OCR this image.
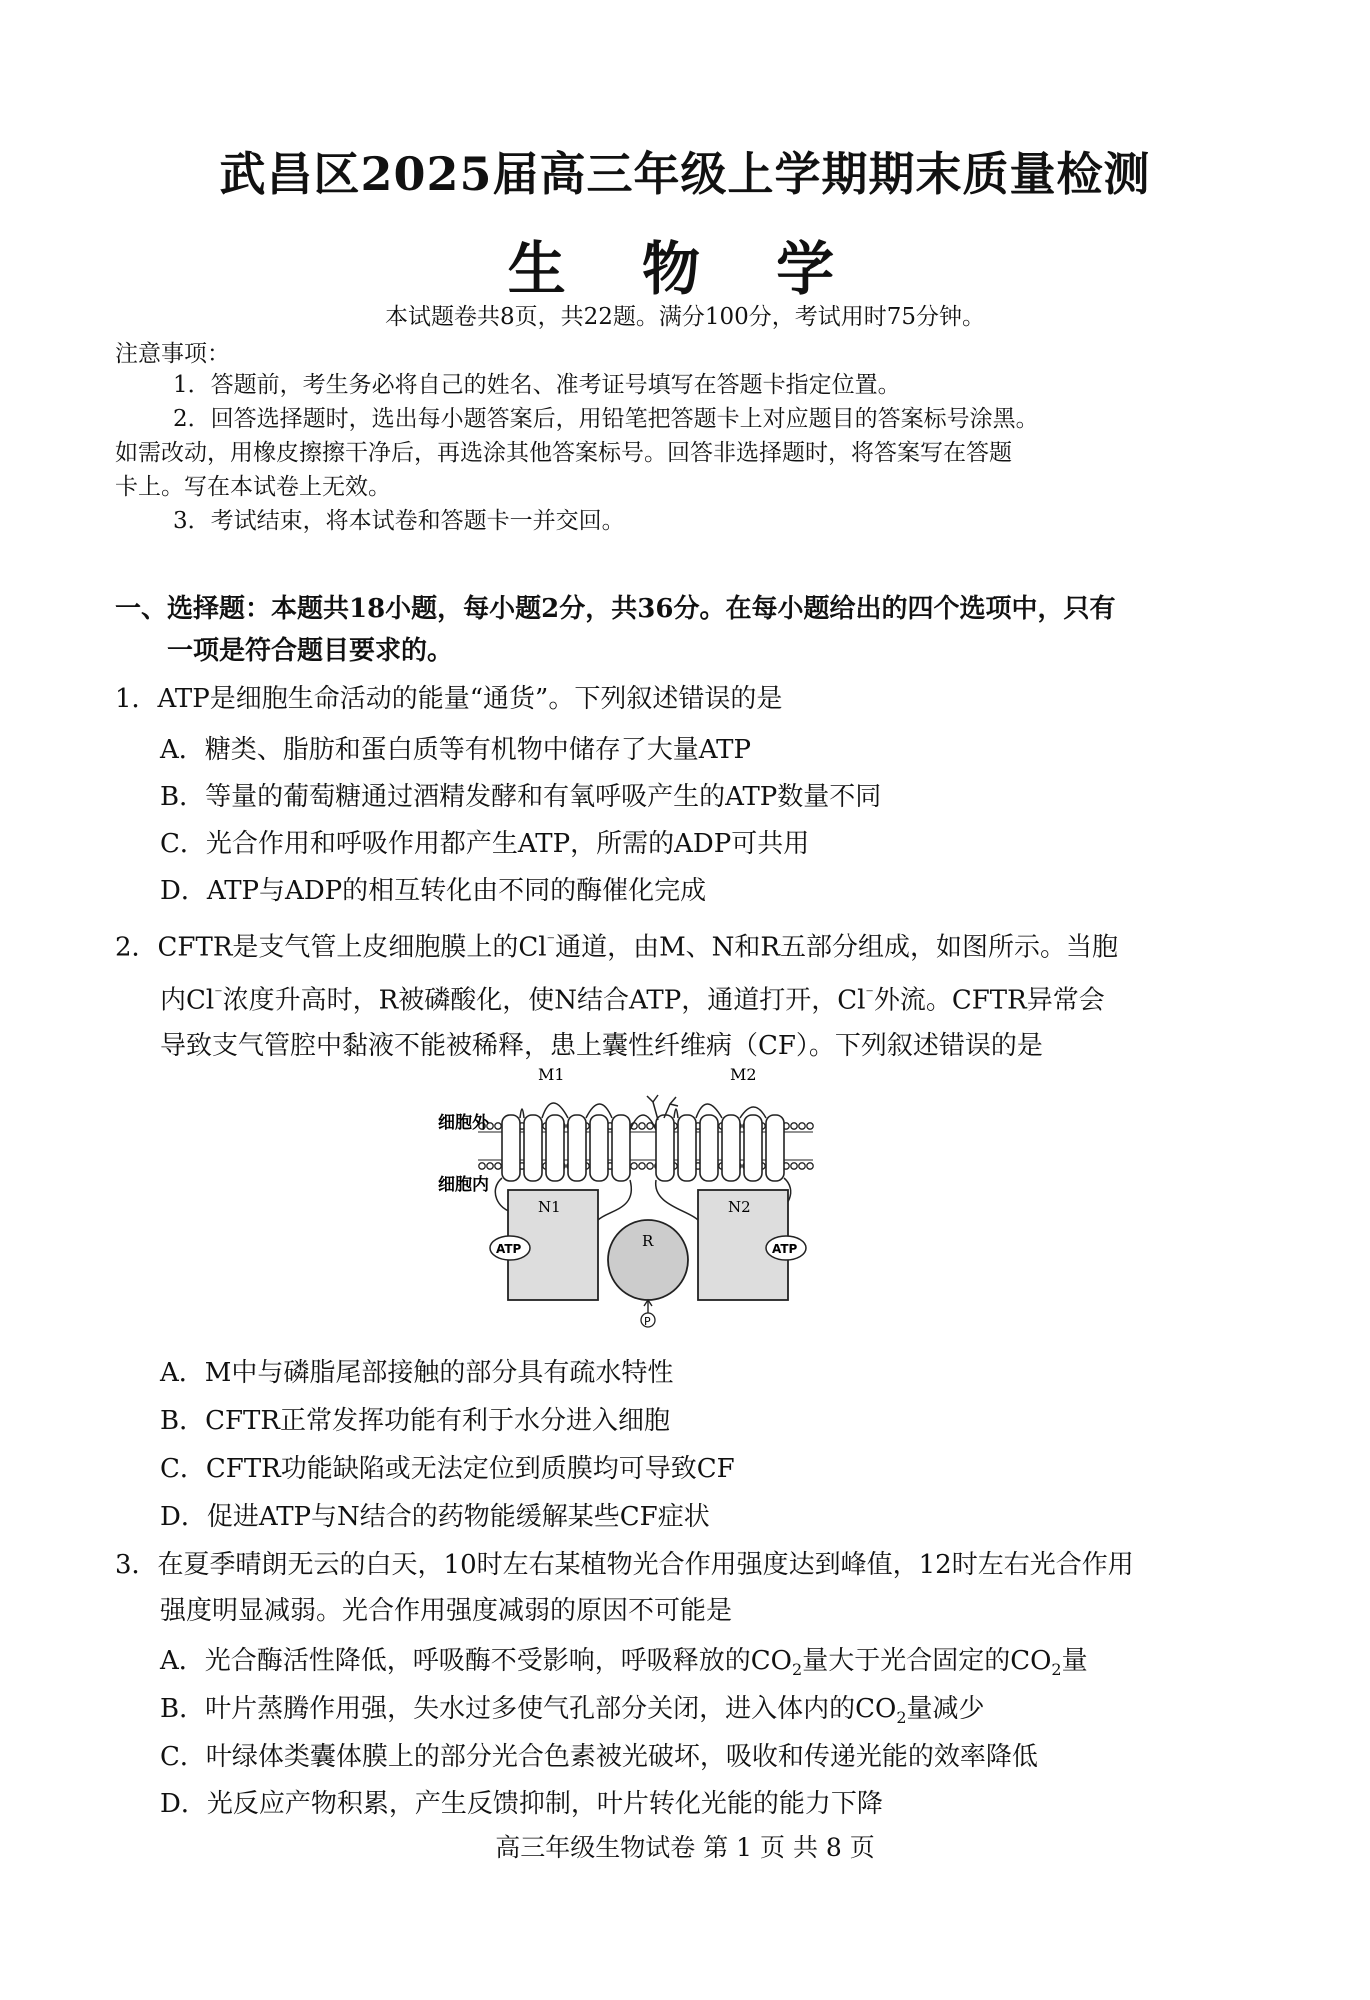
武昌区2025届高三年级上学期期末质量检测
生 物 学
本试题卷共8页，共22题。满分100分，考试用时75分钟。
注意事项：
1．答题前，考生务必将自己的姓名、准考证号填写在答题卡指定位置。
2．回答选择题时，选出每小题答案后，用铅笔把答题卡上对应题目的答案标号涂黑。
如需改动，用橡皮擦擦干净后，再选涂其他答案标号。回答非选择题时，将答案写在答题
卡上。写在本试卷上无效。
3．考试结束，将本试卷和答题卡一并交回。
一、选择题：本题共18小题，每小题2分，共36分。在每小题给出的四个选项中，只有
一项是符合题目要求的。
1．ATP是细胞生命活动的能量“通货”。下列叙述错误的是
A．糖类、脂肪和蛋白质等有机物中储存了大量ATP
B．等量的葡萄糖通过酒精发酵和有氧呼吸产生的ATP数量不同
C．光合作用和呼吸作用都产生ATP，所需的ADP可共用
D．ATP与ADP的相互转化由不同的酶催化完成
2．CFTR是支气管上皮细胞膜上的Cl⁻通道，由M、N和R五部分组成，如图所示。当胞
内Cl⁻浓度升高时，R被磷酸化，使N结合ATP，通道打开，Cl⁻外流。CFTR异常会
导致支气管腔中黏液不能被稀释，患上囊性纤维病（CF）。下列叙述错误的是
细胞外
细胞内
M1	M2
N1	N2
R
ATP	ATP
P
A．M中与磷脂尾部接触的部分具有疏水特性
B．CFTR正常发挥功能有利于水分进入细胞
C．CFTR功能缺陷或无法定位到质膜均可导致CF
D．促进ATP与N结合的药物能缓解某些CF症状
3．在夏季晴朗无云的白天，10时左右某植物光合作用强度达到峰值，12时左右光合作用
强度明显减弱。光合作用强度减弱的原因不可能是
A．光合酶活性降低，呼吸酶不受影响，呼吸释放的$CO_2$量大于光合固定的$CO_2$量
B．叶片蒸腾作用强，失水过多使气孔部分关闭，进入体内的$CO_2$量减少
C．叶绿体类囊体膜上的部分光合色素被光破坏，吸收和传递光能的效率降低
D．光反应产物积累，产生反馈抑制，叶片转化光能的能力下降
高三年级生物试卷 第 1 页 共 8 页
